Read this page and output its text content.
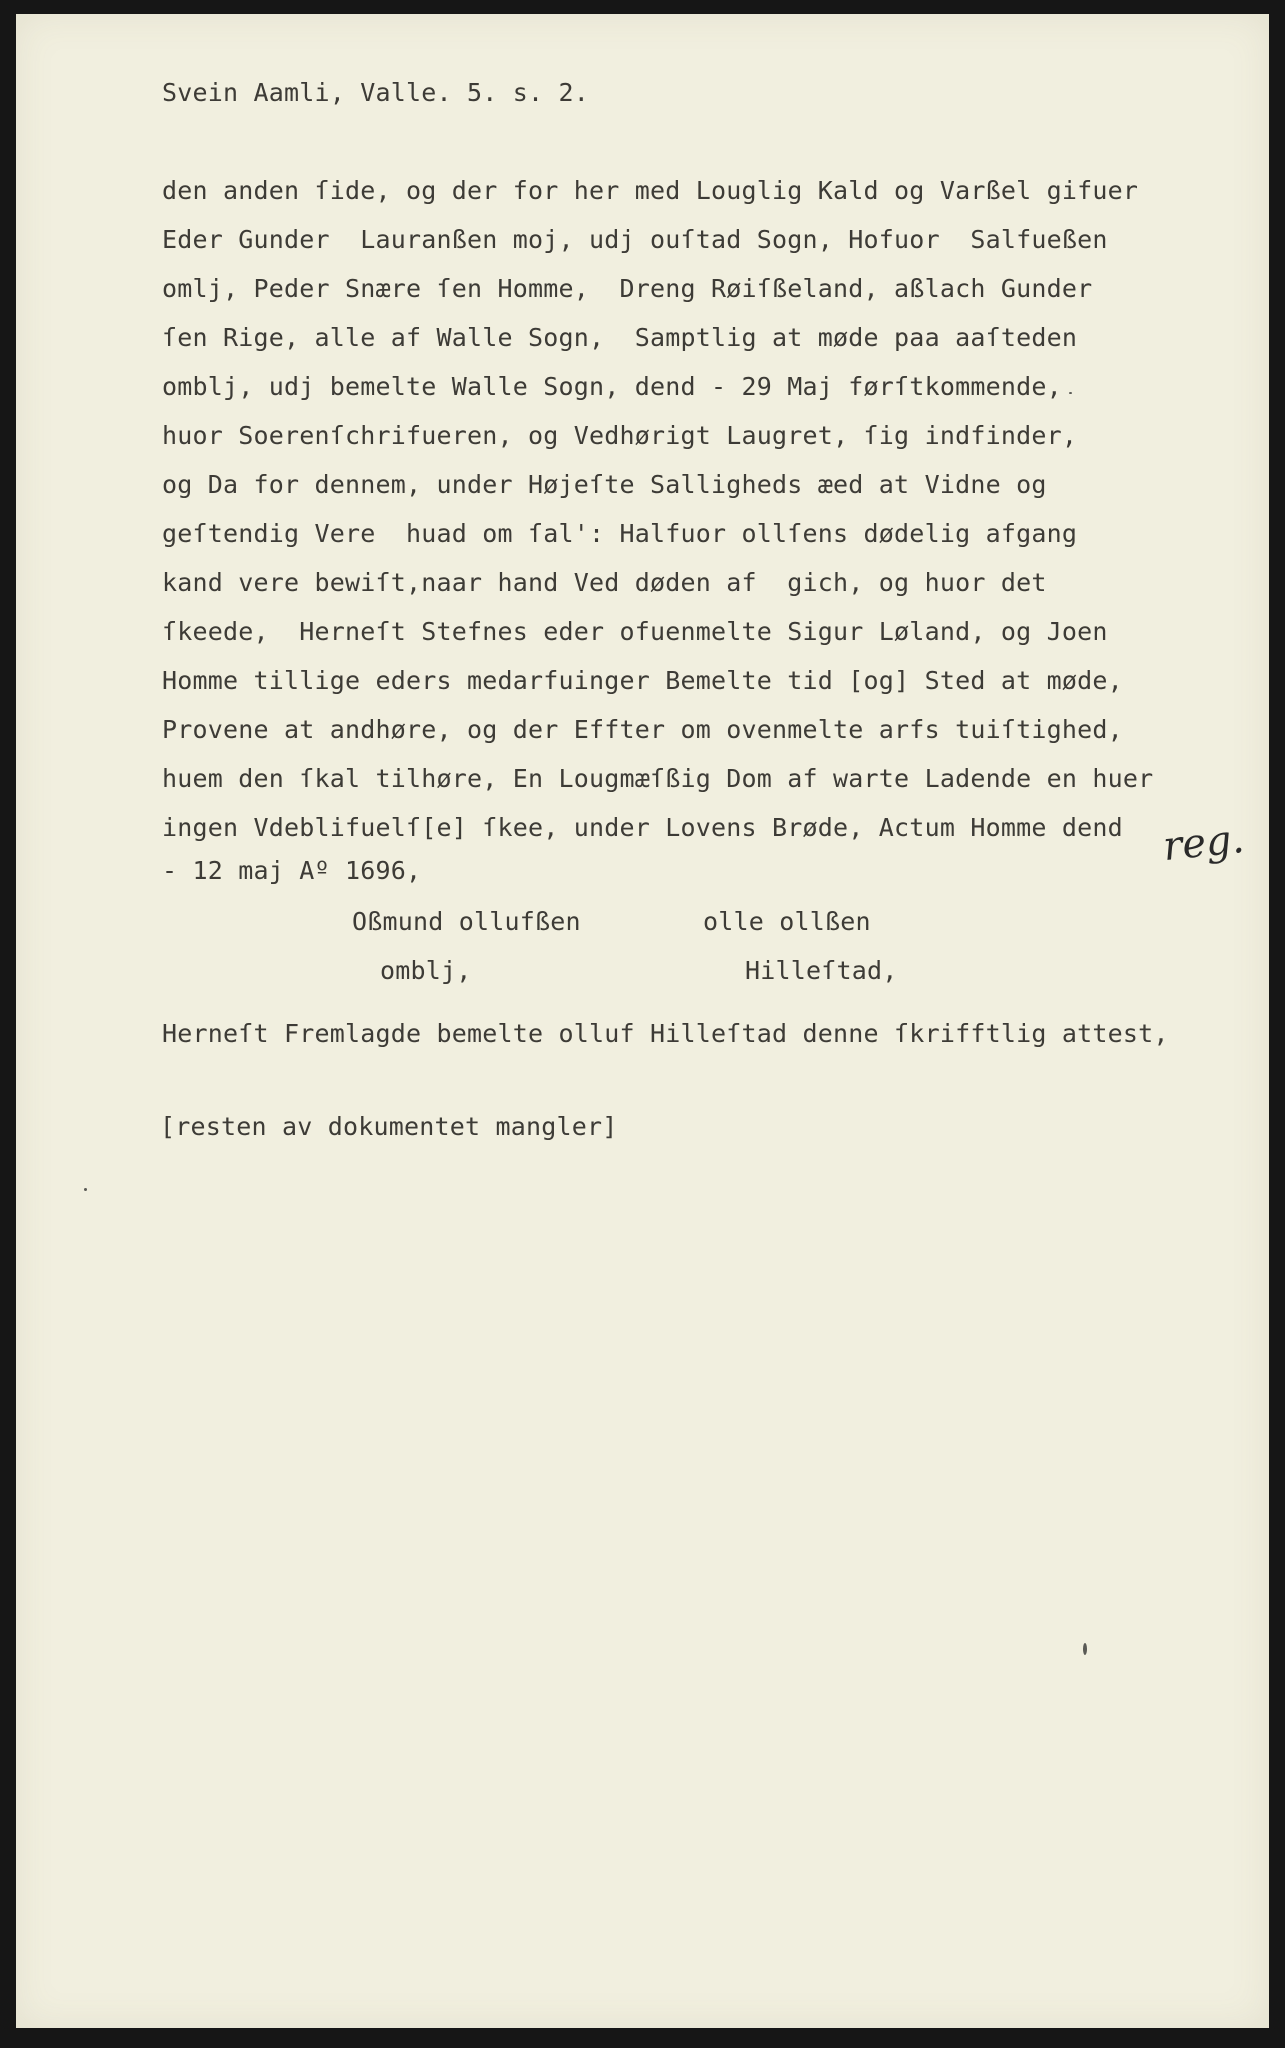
Svein Aamli, Valle. 5. s. 2.
den anden ſide, og der for her med Louglig Kald og Varßel gifuer
Eder Gunder  Lauranßen moj, udj ouſtad Sogn, Hofuor  Salfueßen
omlj, Peder Snære ſen Homme,  Dreng Røiſßeland, aßlach Gunder
ſen Rige, alle af Walle Sogn,  Samptlig at møde paa aaſteden
omblj, udj bemelte Walle Sogn, dend - 29 Maj førſtkommende,
huor Soerenſchrifueren, og Vedhørigt Laugret, ſig indfinder,
og Da for dennem, under Højeſte Salligheds æed at Vidne og
geſtendig Vere  huad om ſal': Halfuor ollſens dødelig afgang
kand vere bewiſt,naar hand Ved døden af  gich, og huor det
ſkeede,  Herneſt Stefnes eder ofuenmelte Sigur Løland, og Joen
Homme tillige eders medarfuinger Bemelte tid [og] Sted at møde,
Provene at andhøre, og der Effter om ovenmelte arfs tuiſtighed,
huem den ſkal tilhøre, En Lougmæſßig Dom af warte Ladende en huer
ingen Vdeblifuelſ[e] ſkee, under Lovens Brøde, Actum Homme dend
- 12 maj Aº 1696,
Oßmund ollufßen
omblj,
olle ollßen
Hilleſtad,
Herneſt Fremlagde bemelte olluf Hilleſtad denne ſkrifftlig attest,
[resten av dokumentet mangler]
reg.
